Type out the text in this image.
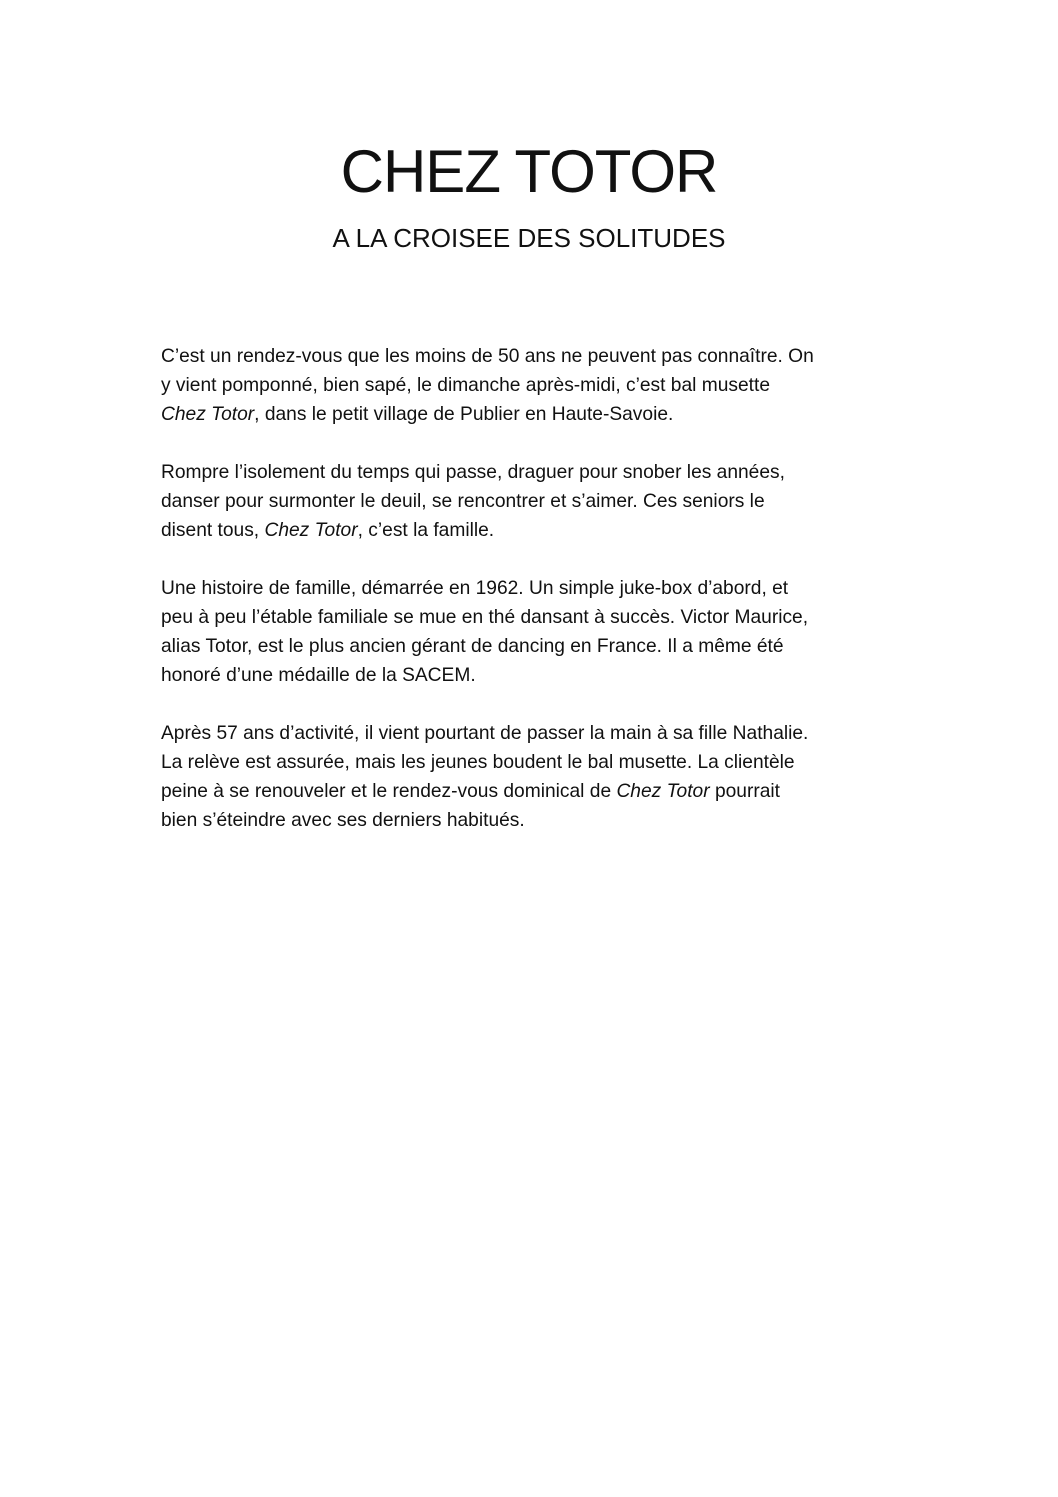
CHEZ TOTOR
A LA CROISEE DES SOLITUDES

C’est un rendez-vous que les moins de 50 ans ne peuvent pas connaître. On
y vient pomponné, bien sapé, le dimanche après-midi, c’est bal musette
Chez Totor, dans le petit village de Publier en Haute-Savoie.

Rompre l’isolement du temps qui passe, draguer pour snober les années,
danser pour surmonter le deuil, se rencontrer et s’aimer. Ces seniors le
disent tous, Chez Totor, c’est la famille.

Une histoire de famille, démarrée en 1962. Un simple juke-box d’abord, et
peu à peu l’étable familiale se mue en thé dansant à succès. Victor Maurice,
alias Totor, est le plus ancien gérant de dancing en France. Il a même été
honoré d’une médaille de la SACEM.

Après 57 ans d’activité, il vient pourtant de passer la main à sa fille Nathalie.
La relève est assurée, mais les jeunes boudent le bal musette. La clientèle
peine à se renouveler et le rendez-vous dominical de Chez Totor pourrait
bien s’éteindre avec ses derniers habitués.
